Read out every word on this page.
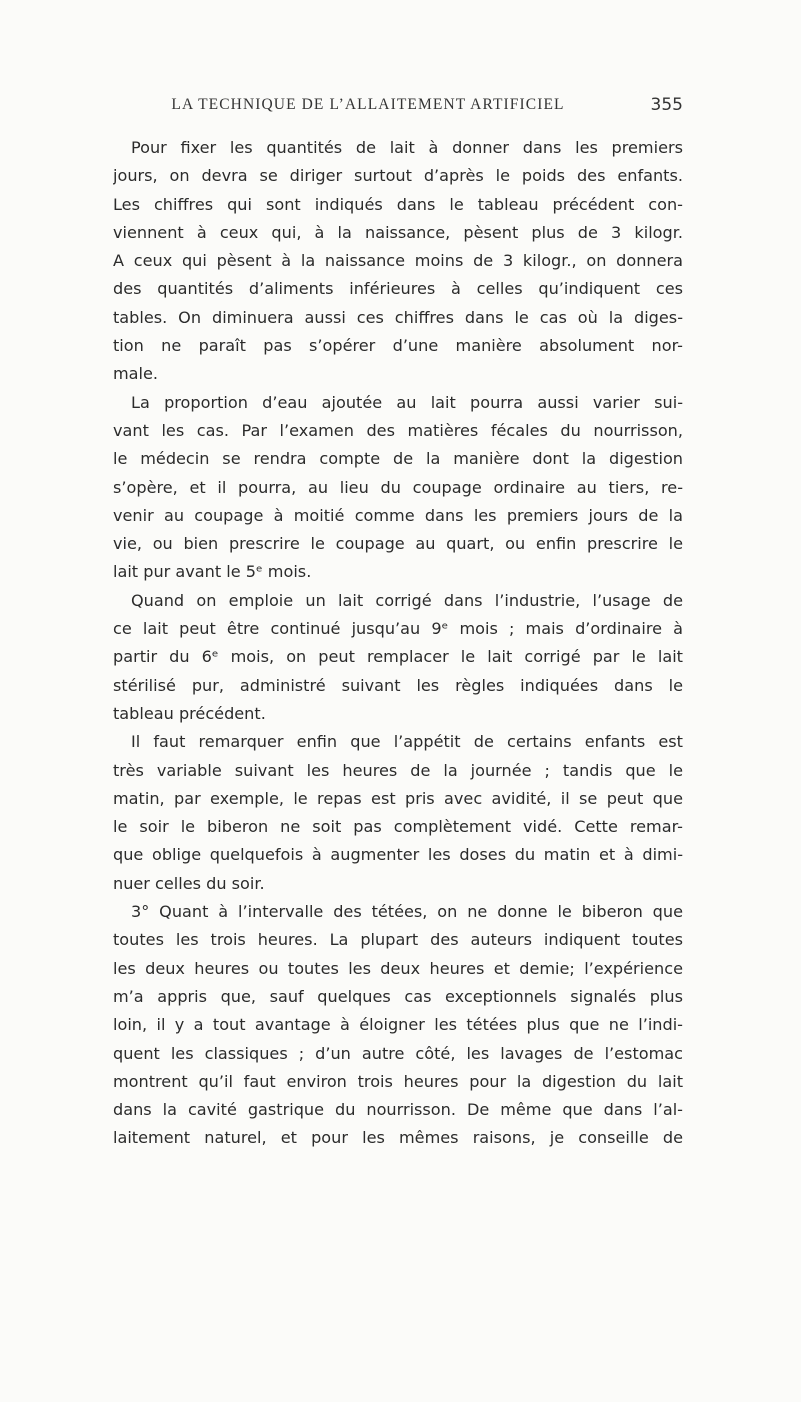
LA TECHNIQUE DE L’ALLAITEMENT ARTIFICIEL	355
Pour fixer les quantités de lait à donner dans les premiers
jours, on devra se diriger surtout d’après le poids des enfants.
Les chiffres qui sont indiqués dans le tableau précédent con-
viennent à ceux qui, à la naissance, pèsent plus de 3 kilogr.
A ceux qui pèsent à la naissance moins de 3 kilogr., on donnera
des quantités d’aliments inférieures à celles qu’indiquent ces
tables. On diminuera aussi ces chiffres dans le cas où la diges-
tion ne paraît pas s’opérer d’une manière absolument nor-
male.
La proportion d’eau ajoutée au lait pourra aussi varier sui-
vant les cas. Par l’examen des matières fécales du nourrisson,
le médecin se rendra compte de la manière dont la digestion
s’opère, et il pourra, au lieu du coupage ordinaire au tiers, re-
venir au coupage à moitié comme dans les premiers jours de la
vie, ou bien prescrire le coupage au quart, ou enfin prescrire le
lait pur avant le 5ᵉ mois.
Quand on emploie un lait corrigé dans l’industrie, l’usage de
ce lait peut être continué jusqu’au 9ᵉ mois ; mais d’ordinaire à
partir du 6ᵉ mois, on peut remplacer le lait corrigé par le lait
stérilisé pur, administré suivant les règles indiquées dans le
tableau précédent.
Il faut remarquer enfin que l’appétit de certains enfants est
très variable suivant les heures de la journée ; tandis que le
matin, par exemple, le repas est pris avec avidité, il se peut que
le soir le biberon ne soit pas complètement vidé. Cette remar-
que oblige quelquefois à augmenter les doses du matin et à dimi-
nuer celles du soir.
3° Quant à l’intervalle des tétées, on ne donne le biberon que
toutes les trois heures. La plupart des auteurs indiquent toutes
les deux heures ou toutes les deux heures et demie; l’expérience
m’a appris que, sauf quelques cas exceptionnels signalés plus
loin, il y a tout avantage à éloigner les tétées plus que ne l’indi-
quent les classiques ; d’un autre côté, les lavages de l’estomac
montrent qu’il faut environ trois heures pour la digestion du lait
dans la cavité gastrique du nourrisson. De même que dans l’al-
laitement naturel, et pour les mêmes raisons, je conseille de
